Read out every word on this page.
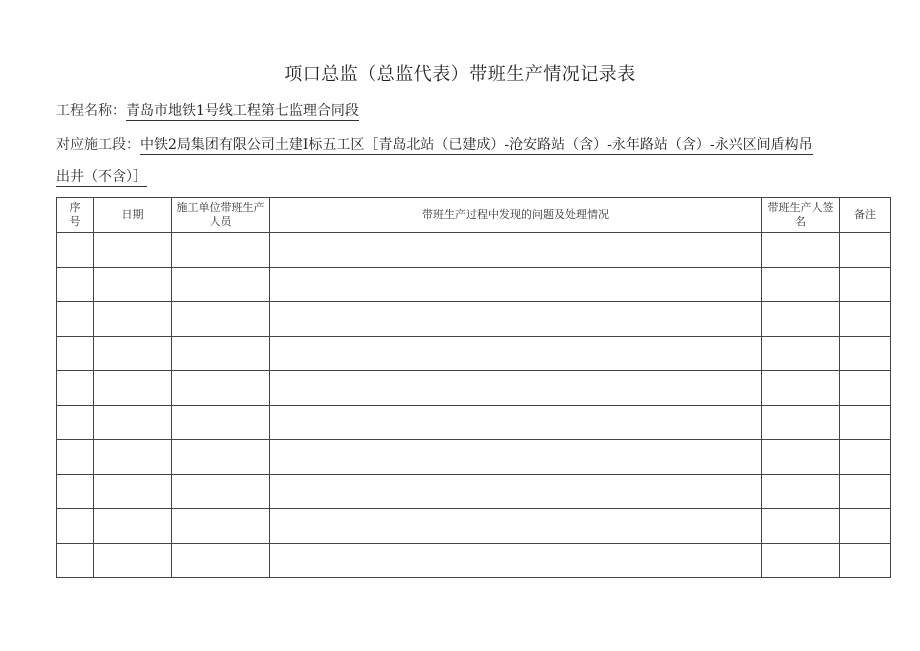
项口总监（总监代表）带班生产情况记录表
工程名称：青岛市地铁1号线工程第七监理合同段
对应施工段：中铁2局集团有限公司土建Ⅰ标五工区［青岛北站（已建成）-沧安路站（含）-永年路站（含）-永兴区间盾构吊
出井（不含）］
序号	日期	施工单位带班生产人员	带班生产过程中发现的问题及处理情况	带班生产人签名	备注
